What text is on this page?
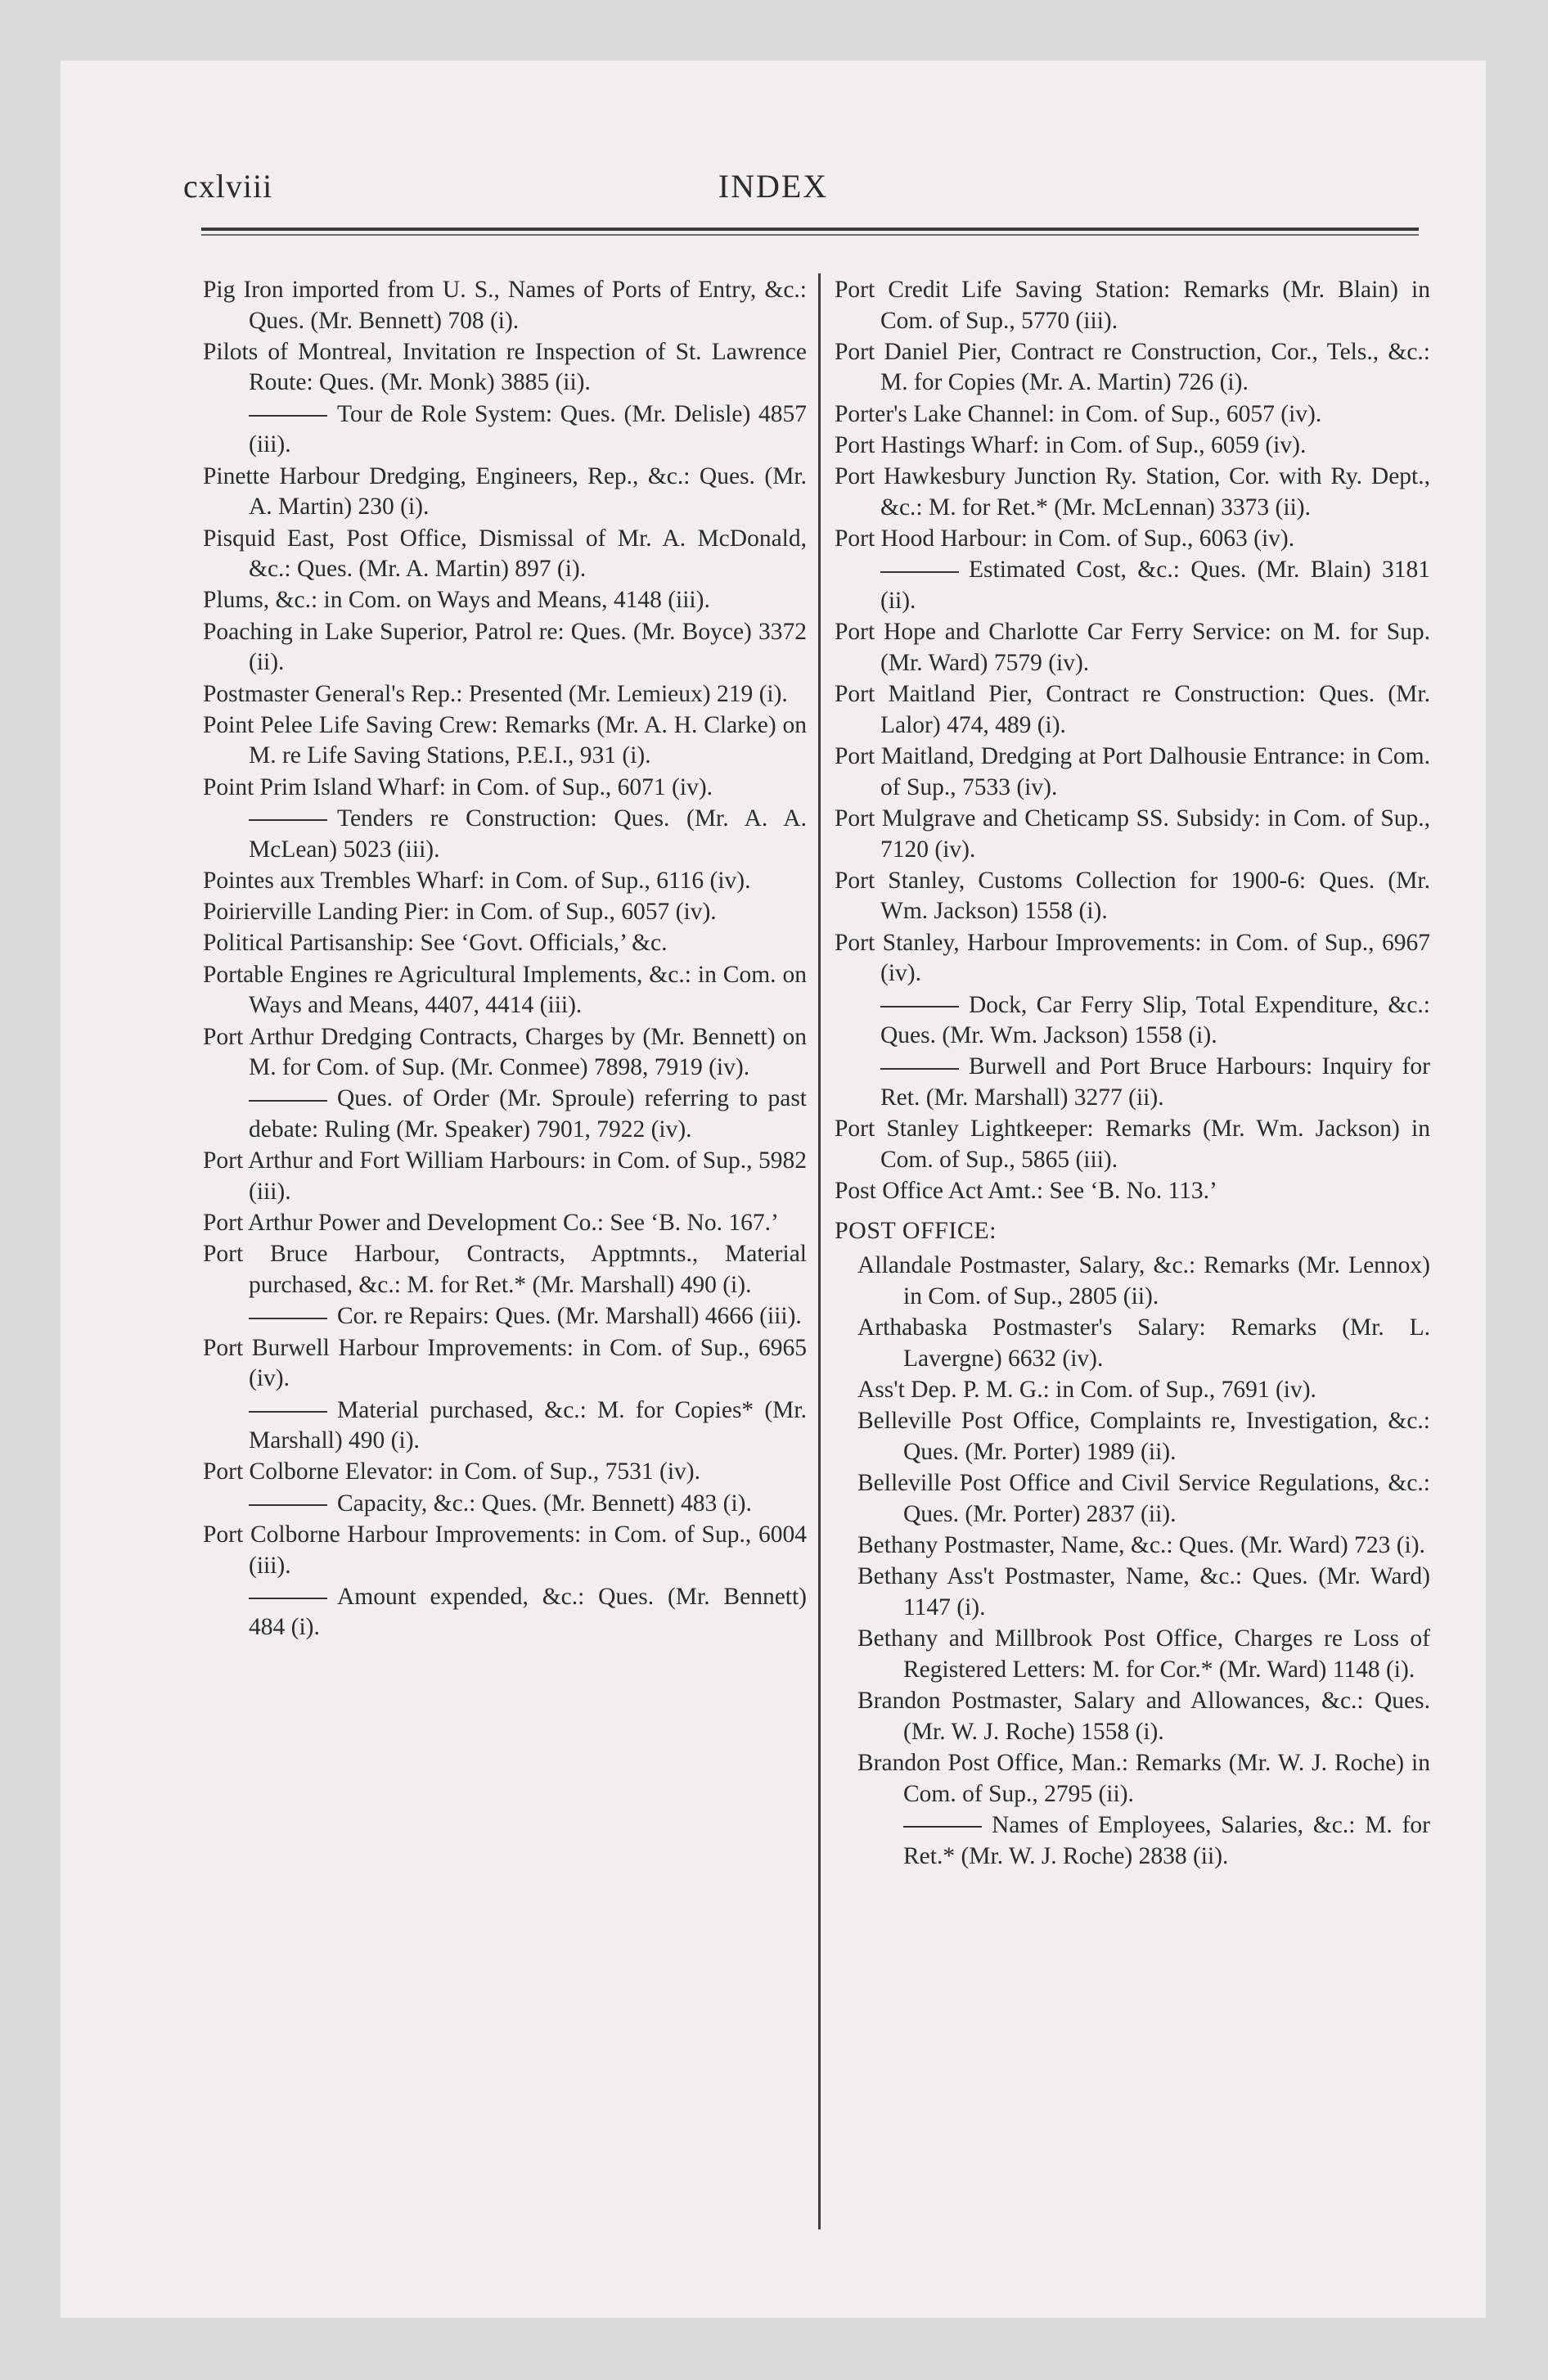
cxlviii	INDEX
Pig Iron imported from U. S., Names of Ports of Entry, &c.: Ques. (Mr. Bennett) 708 (i).
Pilots of Montreal, Invitation re Inspection of St. Lawrence Route: Ques. (Mr. Monk) 3885 (ii).
Tour de Role System: Ques. (Mr. Delisle) 4857 (iii).
Pinette Harbour Dredging, Engineers, Rep., &c.: Ques. (Mr. A. Martin) 230 (i).
Pisquid East, Post Office, Dismissal of Mr. A. McDonald, &c.: Ques. (Mr. A. Martin) 897 (i).
Plums, &c.: in Com. on Ways and Means, 4148 (iii).
Poaching in Lake Superior, Patrol re: Ques. (Mr. Boyce) 3372 (ii).
Postmaster General's Rep.: Presented (Mr. Lemieux) 219 (i).
Point Pelee Life Saving Crew: Remarks (Mr. A. H. Clarke) on M. re Life Saving Stations, P.E.I., 931 (i).
Point Prim Island Wharf: in Com. of Sup., 6071 (iv).
Tenders re Construction: Ques. (Mr. A. A. McLean) 5023 (iii).
Pointes aux Trembles Wharf: in Com. of Sup., 6116 (iv).
Poirierville Landing Pier: in Com. of Sup., 6057 (iv).
Political Partisanship: See ‘Govt. Officials,’ &c.
Portable Engines re Agricultural Implements, &c.: in Com. on Ways and Means, 4407, 4414 (iii).
Port Arthur Dredging Contracts, Charges by (Mr. Bennett) on M. for Com. of Sup. (Mr. Conmee) 7898, 7919 (iv).
Ques. of Order (Mr. Sproule) referring to past debate: Ruling (Mr. Speaker) 7901, 7922 (iv).
Port Arthur and Fort William Harbours: in Com. of Sup., 5982 (iii).
Port Arthur Power and Development Co.: See ‘B. No. 167.’
Port Bruce Harbour, Contracts, Apptmnts., Material purchased, &c.: M. for Ret.* (Mr. Marshall) 490 (i).
Cor. re Repairs: Ques. (Mr. Marshall) 4666 (iii).
Port Burwell Harbour Improvements: in Com. of Sup., 6965 (iv).
Material purchased, &c.: M. for Copies* (Mr. Marshall) 490 (i).
Port Colborne Elevator: in Com. of Sup., 7531 (iv).
Capacity, &c.: Ques. (Mr. Bennett) 483 (i).
Port Colborne Harbour Improvements: in Com. of Sup., 6004 (iii).
Amount expended, &c.: Ques. (Mr. Bennett) 484 (i).
Port Credit Life Saving Station: Remarks (Mr. Blain) in Com. of Sup., 5770 (iii).
Port Daniel Pier, Contract re Construction, Cor., Tels., &c.: M. for Copies (Mr. A. Martin) 726 (i).
Porter's Lake Channel: in Com. of Sup., 6057 (iv).
Port Hastings Wharf: in Com. of Sup., 6059 (iv).
Port Hawkesbury Junction Ry. Station, Cor. with Ry. Dept., &c.: M. for Ret.* (Mr. McLennan) 3373 (ii).
Port Hood Harbour: in Com. of Sup., 6063 (iv).
Estimated Cost, &c.: Ques. (Mr. Blain) 3181 (ii).
Port Hope and Charlotte Car Ferry Service: on M. for Sup. (Mr. Ward) 7579 (iv).
Port Maitland Pier, Contract re Construction: Ques. (Mr. Lalor) 474, 489 (i).
Port Maitland, Dredging at Port Dalhousie Entrance: in Com. of Sup., 7533 (iv).
Port Mulgrave and Cheticamp SS. Subsidy: in Com. of Sup., 7120 (iv).
Port Stanley, Customs Collection for 1900-6: Ques. (Mr. Wm. Jackson) 1558 (i).
Port Stanley, Harbour Improvements: in Com. of Sup., 6967 (iv).
Dock, Car Ferry Slip, Total Expenditure, &c.: Ques. (Mr. Wm. Jackson) 1558 (i).
Burwell and Port Bruce Harbours: Inquiry for Ret. (Mr. Marshall) 3277 (ii).
Port Stanley Lightkeeper: Remarks (Mr. Wm. Jackson) in Com. of Sup., 5865 (iii).
Post Office Act Amt.: See ‘B. No. 113.’
POST OFFICE:
Allandale Postmaster, Salary, &c.: Remarks (Mr. Lennox) in Com. of Sup., 2805 (ii).
Arthabaska Postmaster's Salary: Remarks (Mr. L. Lavergne) 6632 (iv).
Ass't Dep. P. M. G.: in Com. of Sup., 7691 (iv).
Belleville Post Office, Complaints re, Investigation, &c.: Ques. (Mr. Porter) 1989 (ii).
Belleville Post Office and Civil Service Regulations, &c.: Ques. (Mr. Porter) 2837 (ii).
Bethany Postmaster, Name, &c.: Ques. (Mr. Ward) 723 (i).
Bethany Ass't Postmaster, Name, &c.: Ques. (Mr. Ward) 1147 (i).
Bethany and Millbrook Post Office, Charges re Loss of Registered Letters: M. for Cor.* (Mr. Ward) 1148 (i).
Brandon Postmaster, Salary and Allowances, &c.: Ques. (Mr. W. J. Roche) 1558 (i).
Brandon Post Office, Man.: Remarks (Mr. W. J. Roche) in Com. of Sup., 2795 (ii).
Names of Employees, Salaries, &c.: M. for Ret.* (Mr. W. J. Roche) 2838 (ii).
